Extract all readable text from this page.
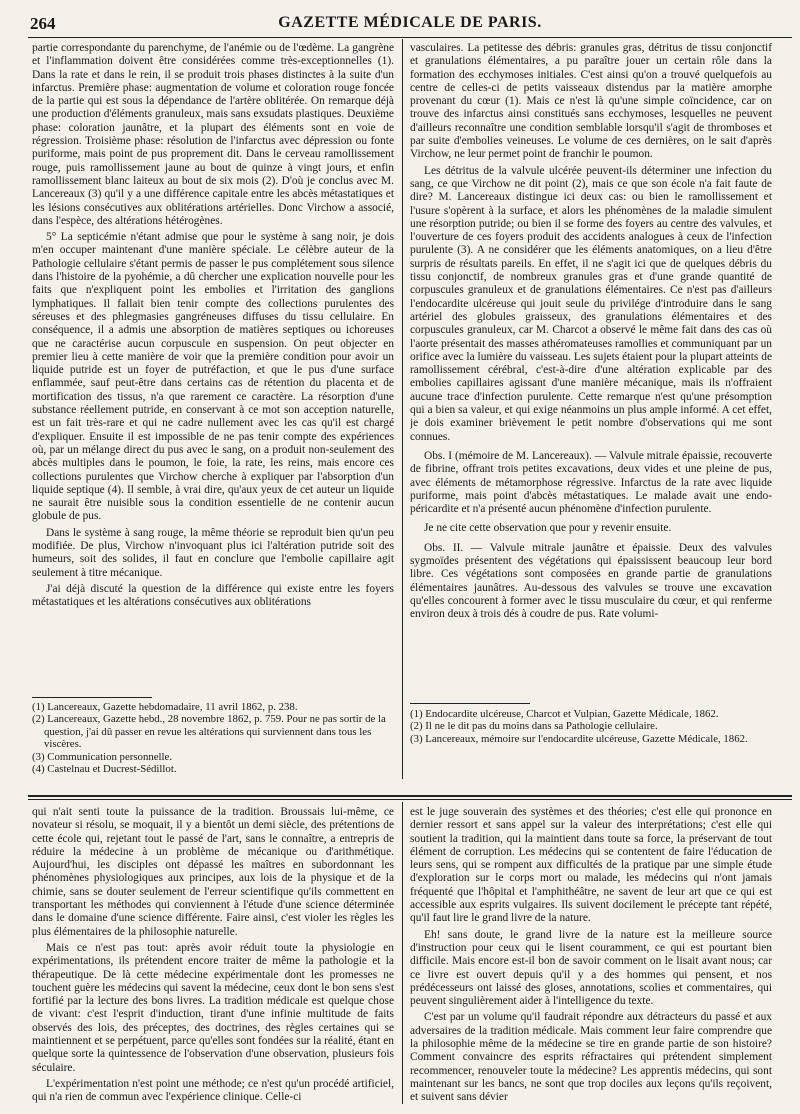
264	GAZETTE MÉDICALE DE PARIS.

partie correspondante du parenchyme, de l'anémie ou de l'œdème. La gangrène et l'inflammation doivent être considérées comme très-exceptionnelles (1). Dans la rate et dans le rein, il se produit trois phases distinctes à la suite d'un infarctus. Première phase: augmentation de volume et coloration rouge foncée de la partie qui est sous la dépendance de l'artère oblitérée. On remarque déjà une production d'éléments granuleux, mais sans exsudats plastiques. Deuxième phase: coloration jaunâtre, et la plupart des éléments sont en voie de régression. Troisième phase: résolution de l'infarctus avec dépression ou fonte puriforme, mais point de pus proprement dit. Dans le cerveau ramollissement rouge, puis ramollissement jaune au bout de quinze à vingt jours, et enfin ramollissement blanc laiteux au bout de six mois (2). D'où je conclus avec M. Lancereaux (3) qu'il y a une différence capitale entre les abcès métastatiques et les lésions consécutives aux oblitérations artérielles. Donc Virchow a associé, dans l'espèce, des altérations hétérogènes.

5° La septicémie n'étant admise que pour le système à sang noir, je dois m'en occuper maintenant d'une manière spéciale. Le célèbre auteur de la Pathologie cellulaire s'étant permis de passer le pus complétement sous silence dans l'histoire de la pyohémie, a dû chercher une explication nouvelle pour les faits que n'expliquent point les embolies et l'irritation des ganglions lymphatiques. Il fallait bien tenir compte des collections purulentes des séreuses et des phlegmasies gangréneuses diffuses du tissu cellulaire. En conséquence, il a admis une absorption de matières septiques ou ichoreuses que ne caractérise aucun corpuscule en suspension. On peut objecter en premier lieu à cette manière de voir que la première condition pour avoir un liquide putride est un foyer de putréfaction, et que le pus d'une surface enflammée, sauf peut-être dans certains cas de rétention du placenta et de mortification des tissus, n'a que rarement ce caractère. La résorption d'une substance réellement putride, en conservant à ce mot son acception naturelle, est un fait très-rare et qui ne cadre nullement avec les cas qu'il est chargé d'expliquer. Ensuite il est impossible de ne pas tenir compte des expériences où, par un mélange direct du pus avec le sang, on a produit non-seulement des abcès multiples dans le poumon, le foie, la rate, les reins, mais encore ces collections purulentes que Virchow cherche à expliquer par l'absorption d'un liquide septique (4). Il semble, à vrai dire, qu'aux yeux de cet auteur un liquide ne saurait être nuisible sous la condition essentielle de ne contenir aucun globule de pus.

Dans le système à sang rouge, la même théorie se reproduit bien qu'un peu modifiée. De plus, Virchow n'invoquant plus ici l'altération putride soit des humeurs, soit des solides, il faut en conclure que l'embolie capillaire agit seulement à titre mécanique.

J'ai déjà discuté la question de la différence qui existe entre les foyers métastatiques et les altérations consécutives aux oblitérations

(1) Lancereaux, Gazette hebdomadaire, 11 avril 1862, p. 238.
(2) Lancereaux, Gazette hebd., 28 novembre 1862, p. 759. Pour ne pas sortir de la question, j'ai dû passer en revue les altérations qui surviennent dans tous les viscères.
(3) Communication personnelle.
(4) Castelnau et Ducrest-Sédillot.

vasculaires. La petitesse des débris: granules gras, détritus de tissu conjonctif et granulations élémentaires, a pu paraître jouer un certain rôle dans la formation des ecchymoses initiales. C'est ainsi qu'on a trouvé quelquefois au centre de celles-ci de petits vaisseaux distendus par la matière amorphe provenant du cœur (1). Mais ce n'est là qu'une simple coïncidence, car on trouve des infarctus ainsi constitués sans ecchymoses, lesquelles ne peuvent d'ailleurs reconnaître une condition semblable lorsqu'il s'agit de thromboses et par suite d'embolies veineuses. Le volume de ces dernières, on le sait d'après Virchow, ne leur permet point de franchir le poumon.

Les détritus de la valvule ulcérée peuvent-ils déterminer une infection du sang, ce que Virchow ne dit point (2), mais ce que son école n'a fait faute de dire? M. Lancereaux distingue ici deux cas: ou bien le ramollissement et l'usure s'opèrent à la surface, et alors les phénomènes de la maladie simulent une résorption putride; ou bien il se forme des foyers au centre des valvules, et l'ouverture de ces foyers produit des accidents analogues à ceux de l'infection purulente (3). A ne considérer que les éléments anatomiques, on a lieu d'être surpris de résultats pareils. En effet, il ne s'agit ici que de quelques débris du tissu conjonctif, de nombreux granules gras et d'une grande quantité de corpuscules granuleux et de granulations élémentaires. Ce n'est pas d'ailleurs l'endocardite ulcéreuse qui jouit seule du privilége d'introduire dans le sang artériel des globules graisseux, des granulations élémentaires et des corpuscules granuleux, car M. Charcot a observé le même fait dans des cas où l'aorte présentait des masses athéromateuses ramollies et communiquant par un orifice avec la lumière du vaisseau. Les sujets étaient pour la plupart atteints de ramollissement cérébral, c'est-à-dire d'une altération explicable par des embolies capillaires agissant d'une manière mécanique, mais ils n'offraient aucune trace d'infection purulente. Cette remarque n'est qu'une présomption qui a bien sa valeur, et qui exige néanmoins un plus ample informé. A cet effet, je dois examiner brièvement le petit nombre d'observations qui me sont connues.

Obs. I (mémoire de M. Lancereaux). — Valvule mitrale épaissie, recouverte de fibrine, offrant trois petites excavations, deux vides et une pleine de pus, avec éléments de métamorphose régressive. Infarctus de la rate avec liquide puriforme, mais point d'abcès métastatiques. Le malade avait une endo-péricardite et n'a présenté aucun phénomène d'infection purulente.

Je ne cite cette observation que pour y revenir ensuite.

Obs. II. — Valvule mitrale jaunâtre et épaissie. Deux des valvules sygmoïdes présentent des végétations qui épaississent beaucoup leur bord libre. Ces végétations sont composées en grande partie de granulations élémentaires jaunâtres. Au-dessous des valvules se trouve une excavation qu'elles concourent à former avec le tissu musculaire du cœur, et qui renferme environ deux à trois dés à coudre de pus. Rate volumi-

(1) Endocardite ulcéreuse, Charcot et Vulpian, Gazette Médicale, 1862.
(2) Il ne le dit pas du moins dans sa Pathologie cellulaire.
(3) Lancereaux, mémoire sur l'endocardite ulcéreuse, Gazette Médicale, 1862.

qui n'ait senti toute la puissance de la tradition. Broussais lui-même, ce novateur si résolu, se moquait, il y a bientôt un demi siècle, des prétentions de cette école qui, rejetant tout le passé de l'art, sans le connaître, a entrepris de réduire la médecine à un problème de mécanique ou d'arithmétique. Aujourd'hui, les disciples ont dépassé les maîtres en subordonnant les phénomènes physiologiques aux principes, aux lois de la physique et de la chimie, sans se douter seulement de l'erreur scientifique qu'ils commettent en transportant les méthodes qui conviennent à l'étude d'une science déterminée dans le domaine d'une science différente. Faire ainsi, c'est violer les règles les plus élémentaires de la philosophie naturelle.

Mais ce n'est pas tout: après avoir réduit toute la physiologie en expérimentations, ils prétendent encore traiter de même la pathologie et la thérapeutique. De là cette médecine expérimentale dont les promesses ne touchent guère les médecins qui savent la médecine, ceux dont le bon sens s'est fortifié par la lecture des bons livres. La tradition médicale est quelque chose de vivant: c'est l'esprit d'induction, tirant d'une infinie multitude de faits observés des lois, des préceptes, des doctrines, des règles certaines qui se maintiennent et se perpétuent, parce qu'elles sont fondées sur la réalité, étant en quelque sorte la quintessence de l'observation d'une observation, plusieurs fois séculaire.

L'expérimentation n'est point une méthode; ce n'est qu'un procédé artificiel, qui n'a rien de commun avec l'expérience clinique. Celle-ci

est le juge souverain des systèmes et des théories; c'est elle qui prononce en dernier ressort et sans appel sur la valeur des interprétations; c'est elle qui soutient la tradition, qui la maintient dans toute sa force, la préservant de tout élément de corruption. Les médecins qui se contentent de faire l'éducation de leurs sens, qui se rompent aux difficultés de la pratique par une simple étude d'exploration sur le corps mort ou malade, les médecins qui n'ont jamais fréquenté que l'hôpital et l'amphithéâtre, ne savent de leur art que ce qui est accessible aux esprits vulgaires. Ils suivent docilement le précepte tant répété, qu'il faut lire le grand livre de la nature.

Eh! sans doute, le grand livre de la nature est la meilleure source d'instruction pour ceux qui le lisent couramment, ce qui est pourtant bien difficile. Mais encore est-il bon de savoir comment on le lisait avant nous; car ce livre est ouvert depuis qu'il y a des hommes qui pensent, et nos prédécesseurs ont laissé des gloses, annotations, scolies et commentaires, qui peuvent singulièrement aider à l'intelligence du texte.

C'est par un volume qu'il faudrait répondre aux détracteurs du passé et aux adversaires de la tradition médicale. Mais comment leur faire comprendre que la philosophie même de la médecine se tire en grande partie de son histoire? Comment convaincre des esprits réfractaires qui prétendent simplement recommencer, renouveler toute la médecine? Les apprentis médecins, qui sont maintenant sur les bancs, ne sont que trop dociles aux leçons qu'ils reçoivent, et suivent sans dévier
